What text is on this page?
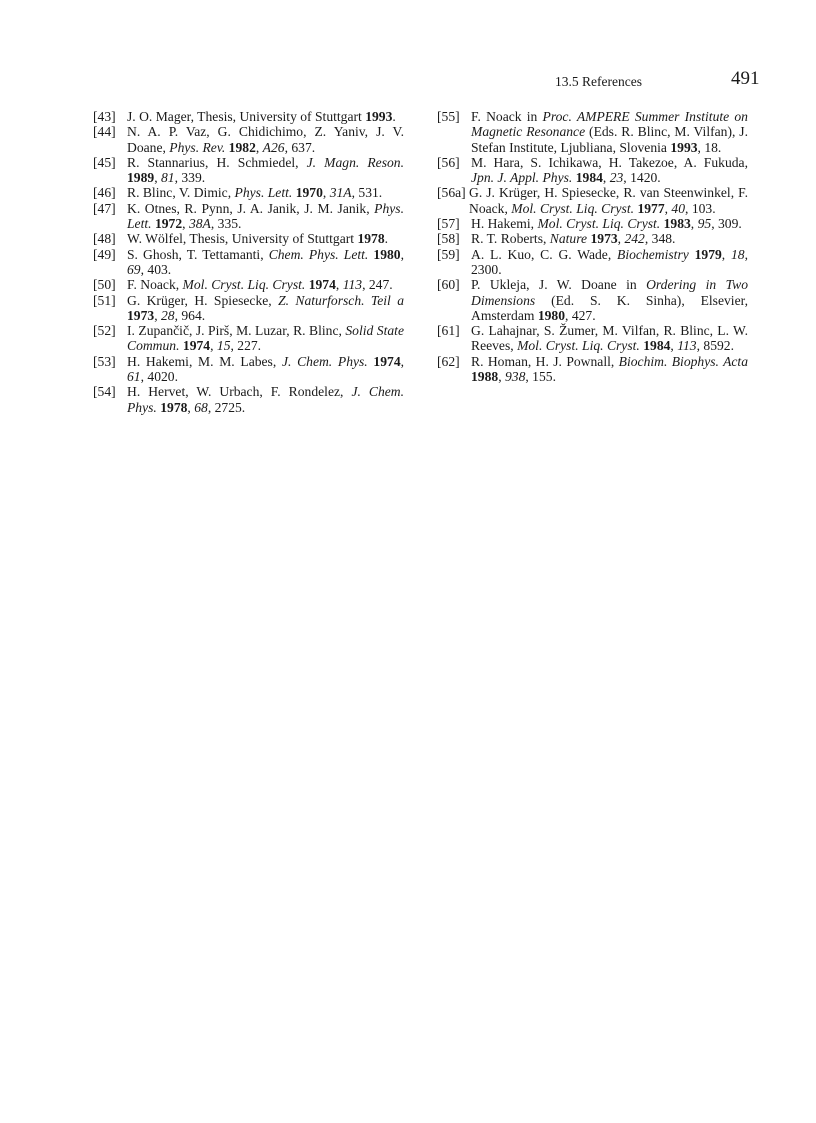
13.5 References	491
[43] J. O. Mager, Thesis, University of Stuttgart 1993.
[44] N. A. P. Vaz, G. Chidichimo, Z. Yaniv, J. V. Doane, Phys. Rev. 1982, A26, 637.
[45] R. Stannarius, H. Schmiedel, J. Magn. Reson. 1989, 81, 339.
[46] R. Blinc, V. Dimic, Phys. Lett. 1970, 31A, 531.
[47] K. Otnes, R. Pynn, J. A. Janik, J. M. Janik, Phys. Lett. 1972, 38A, 335.
[48] W. Wölfel, Thesis, University of Stuttgart 1978.
[49] S. Ghosh, T. Tettamanti, Chem. Phys. Lett. 1980, 69, 403.
[50] F. Noack, Mol. Cryst. Liq. Cryst. 1974, 113, 247.
[51] G. Krüger, H. Spiesecke, Z. Naturforsch. Teil a 1973, 28, 964.
[52] I. Zupančič, J. Pirš, M. Luzar, R. Blinc, Solid State Commun. 1974, 15, 227.
[53] H. Hakemi, M. M. Labes, J. Chem. Phys. 1974, 61, 4020.
[54] H. Hervet, W. Urbach, F. Rondelez, J. Chem. Phys. 1978, 68, 2725.
[55] F. Noack in Proc. AMPERE Summer Institute on Magnetic Resonance (Eds. R. Blinc, M. Vilfan), J. Stefan Institute, Ljubliana, Slovenia 1993, 18.
[56] M. Hara, S. Ichikawa, H. Takezoe, A. Fukuda, Jpn. J. Appl. Phys. 1984, 23, 1420.
[56a] G. J. Krüger, H. Spiesecke, R. van Steenwinkel, F. Noack, Mol. Cryst. Liq. Cryst. 1977, 40, 103.
[57] H. Hakemi, Mol. Cryst. Liq. Cryst. 1983, 95, 309.
[58] R. T. Roberts, Nature 1973, 242, 348.
[59] A. L. Kuo, C. G. Wade, Biochemistry 1979, 18, 2300.
[60] P. Ukleja, J. W. Doane in Ordering in Two Dimensions (Ed. S. K. Sinha), Elsevier, Amsterdam 1980, 427.
[61] G. Lahajnar, S. Žumer, M. Vilfan, R. Blinc, L. W. Reeves, Mol. Cryst. Liq. Cryst. 1984, 113, 8592.
[62] R. Homan, H. J. Pownall, Biochim. Biophys. Acta 1988, 938, 155.
